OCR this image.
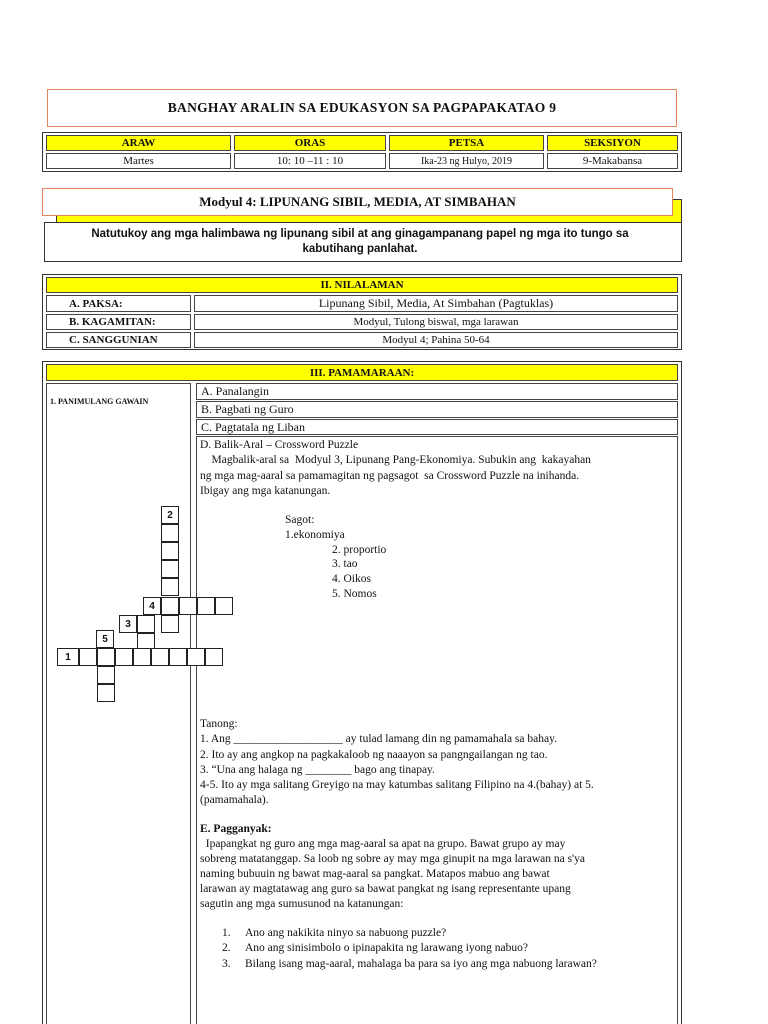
BANGHAY ARALIN SA EDUKASYON SA PAGPAPAKATAO 9
ARAW	ORAS	PETSA	SEKSIYON
Martes	10: 10 –11 : 10	Ika-23 ng Hulyo, 2019	9-Makabansa
Modyul 4: LIPUNANG SIBIL, MEDIA, AT SIMBAHAN
Natutukoy ang mga halimbawa ng lipunang sibil at ang ginagampanang papel ng mga ito tungo sa kabutihang panlahat.
II. NILALAMAN
A. PAKSA:	Lipunang Sibil, Media, At Simbahan (Pagtuklas)
B. KAGAMITAN:	Modyul, Tulong biswal, mga larawan
C. SANGGUNIAN	Modyul 4; Pahina 50-64
III. PAMAMARAAN:
1. PANIMULANG GAWAIN
A. Panalangin
B. Pagbati ng Guro
C. Pagtatala ng Liban
D. Balik-Aral – Crossword Puzzle
Magbalik-aral sa  Modyul 3, Lipunang Pang-Ekonomiya. Subukin ang  kakayahan
ng mga mag-aaral sa pamamagitan ng pagsagot  sa Crossword Puzzle na inihanda.
Ibigay ang mga katanungan.
Sagot:
1.ekonomiya
2. proportio
3. tao
4. Oikos
5. Nomos
2
4
3
5
1
Tanong:
1. Ang ___________________ ay tulad lamang din ng pamamahala sa bahay.
2. Ito ay ang angkop na pagkakaloob ng naaayon sa pangngailangan ng tao.
3. “Una ang halaga ng ________ bago ang tinapay.
4-5. Ito ay mga salitang Greyigo na may katumbas salitang Filipino na 4.(bahay) at 5.
(pamamahala).
E. Pagganyak:
Ipapangkat ng guro ang mga mag-aaral sa apat na grupo. Bawat grupo ay may
sobreng matatanggap. Sa loob ng sobre ay may mga ginupit na mga larawan na s'ya
naming bubuuin ng bawat mag-aaral sa pangkat. Matapos mabuo ang bawat
larawan ay magtatawag ang guro sa bawat pangkat ng isang representante upang
sagutin ang mga sumusunod na katanungan:
1. Ano ang nakikita ninyo sa nabuong puzzle?
2. Ano ang sinisimbolo o ipinapakita ng larawang iyong nabuo?
3. Bilang isang mag-aaral, mahalaga ba para sa iyo ang mga nabuong larawan?
